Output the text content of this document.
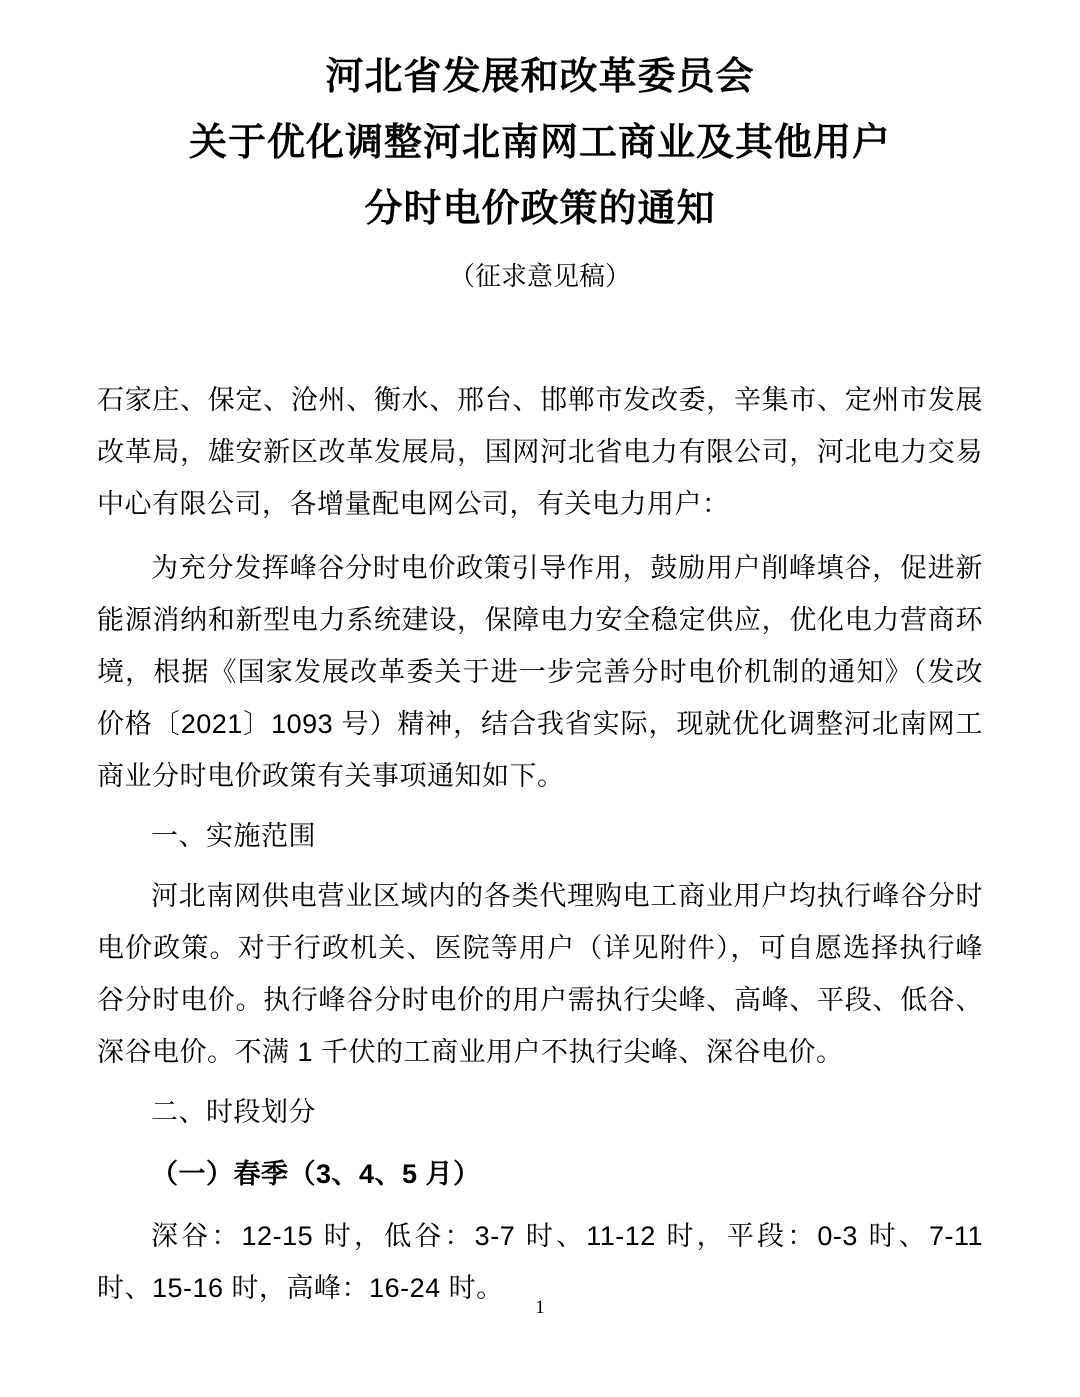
河北省发展和改革委员会
关于优化调整河北南网工商业及其他用户
分时电价政策的通知
（征求意见稿）
石家庄、保定、沧州、衡水、邢台、邯郸市发改委，辛集市、定州市发展改革局，雄安新区改革发展局，国网河北省电力有限公司，河北电力交易中心有限公司，各增量配电网公司，有关电力用户：
为充分发挥峰谷分时电价政策引导作用，鼓励用户削峰填谷，促进新能源消纳和新型电力系统建设，保障电力安全稳定供应，优化电力营商环境，根据《国家发展改革委关于进一步完善分时电价机制的通知》（发改价格〔2021〕1093 号）精神，结合我省实际，现就优化调整河北南网工商业分时电价政策有关事项通知如下。
一、实施范围
河北南网供电营业区域内的各类代理购电工商业用户均执行峰谷分时电价政策。对于行政机关、医院等用户（详见附件），可自愿选择执行峰谷分时电价。执行峰谷分时电价的用户需执行尖峰、高峰、平段、低谷、深谷电价。不满 1 千伏的工商业用户不执行尖峰、深谷电价。
二、时段划分
（一）春季（3、4、5 月）
深谷：12-15 时，低谷：3-7 时、11-12 时，平段：0-3 时、7-11 时、15-16 时，高峰：16-24 时。
1
